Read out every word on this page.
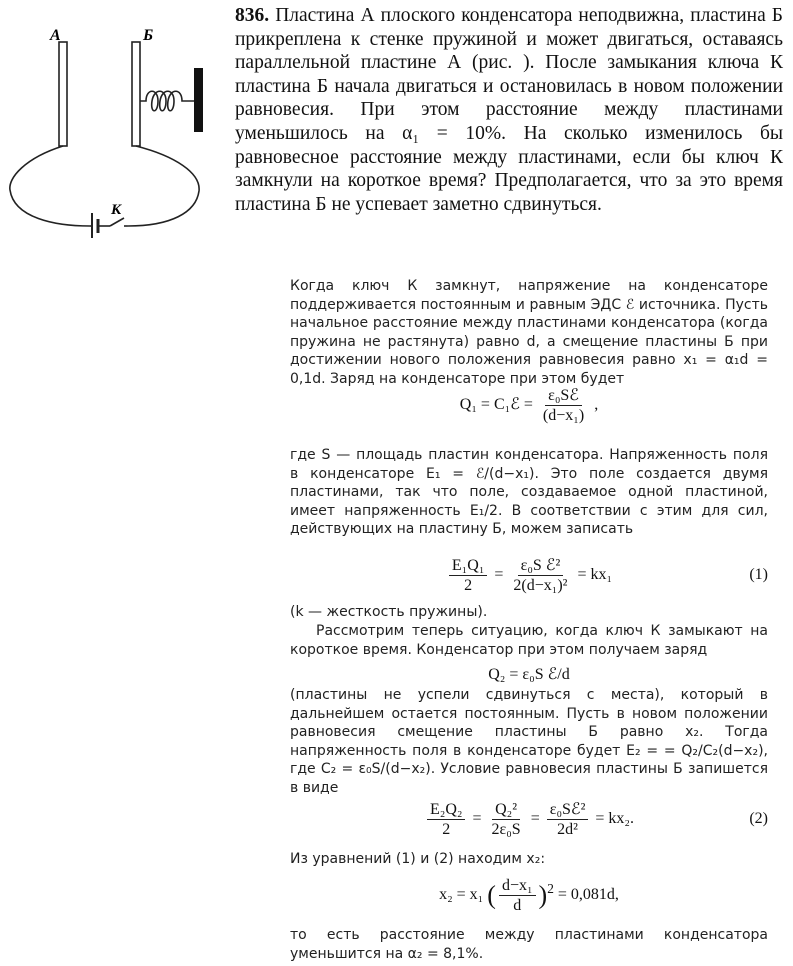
А	Б
К
836. Пластина А плоского конденсатора неподвижна, пластина Б прикреплена к стенке пружиной и может двигаться, оставаясь параллельной пластине А (рис. ). После замыкания ключа К пластина Б начала двигаться и остановилась в новом положении равновесия. При этом расстояние между пластинами уменьшилось на α₁ = 10%. На сколько изменилось бы равновесное расстояние между пластинами, если бы ключ К замкнули на короткое время? Предполагается, что за это время пластина Б не успевает заметно сдвинуться.
Когда ключ К замкнут, напряжение на конденсаторе поддерживается постоянным и равным ЭДС ℰ источника. Пусть начальное расстояние между пластинами конденсатора (когда пружина не растянута) равно d, а смещение пластины Б при достижении нового положения равновесия равно x₁ = α₁d = 0,1d. Заряд на конденсаторе при этом будет
Q₁ = C₁ℰ = $\frac{\text{ε₀Sℰ}}{\text{(d−x₁)}}$ ,
где S — площадь пластин конденсатора. Напряженность поля в конденсаторе E₁ = ℰ/(d−x₁). Это поле создается двумя пластинами, так что поле, создаваемое одной пластиной, имеет напряженность E₁/2. В соответствии с этим для сил, действующих на пластину Б, можем записать
$\frac{\text{E₁Q₁}}{2} = \frac{\text{ε₀S ℰ²}}{\text{2(d−x₁)²}} = kx_1$	(1)
(k — жесткость пружины).
Рассмотрим теперь ситуацию, когда ключ К замыкают на короткое время. Конденсатор при этом получаем заряд
Q₂ = ε₀S ℰ/d
(пластины не успели сдвинуться с места), который в дальнейшем остается постоянным. Пусть в новом положении равновесия смещение пластины Б равно x₂. Тогда напряженность поля в конденсаторе будет E₂ = = Q₂/C₂(d−x₂), где C₂ = ε₀S/(d−x₂). Условие равновесия пластины Б запишется в виде
$\frac{\text{E₂Q₂}}{2} = \frac{\text{Q₂²}}{\text{2ε₀S}} = \frac{\text{ε₀Sℰ²}}{\text{2d²}} = kx_2$.	(2)
Из уравнений (1) и (2) находим x₂:
x₂ = x₁ ( $\frac{\text{d−x₁}}{d} )^2 = 0,081d$,
то есть расстояние между пластинами конденсатора уменьшится на α₂ = 8,1%.
